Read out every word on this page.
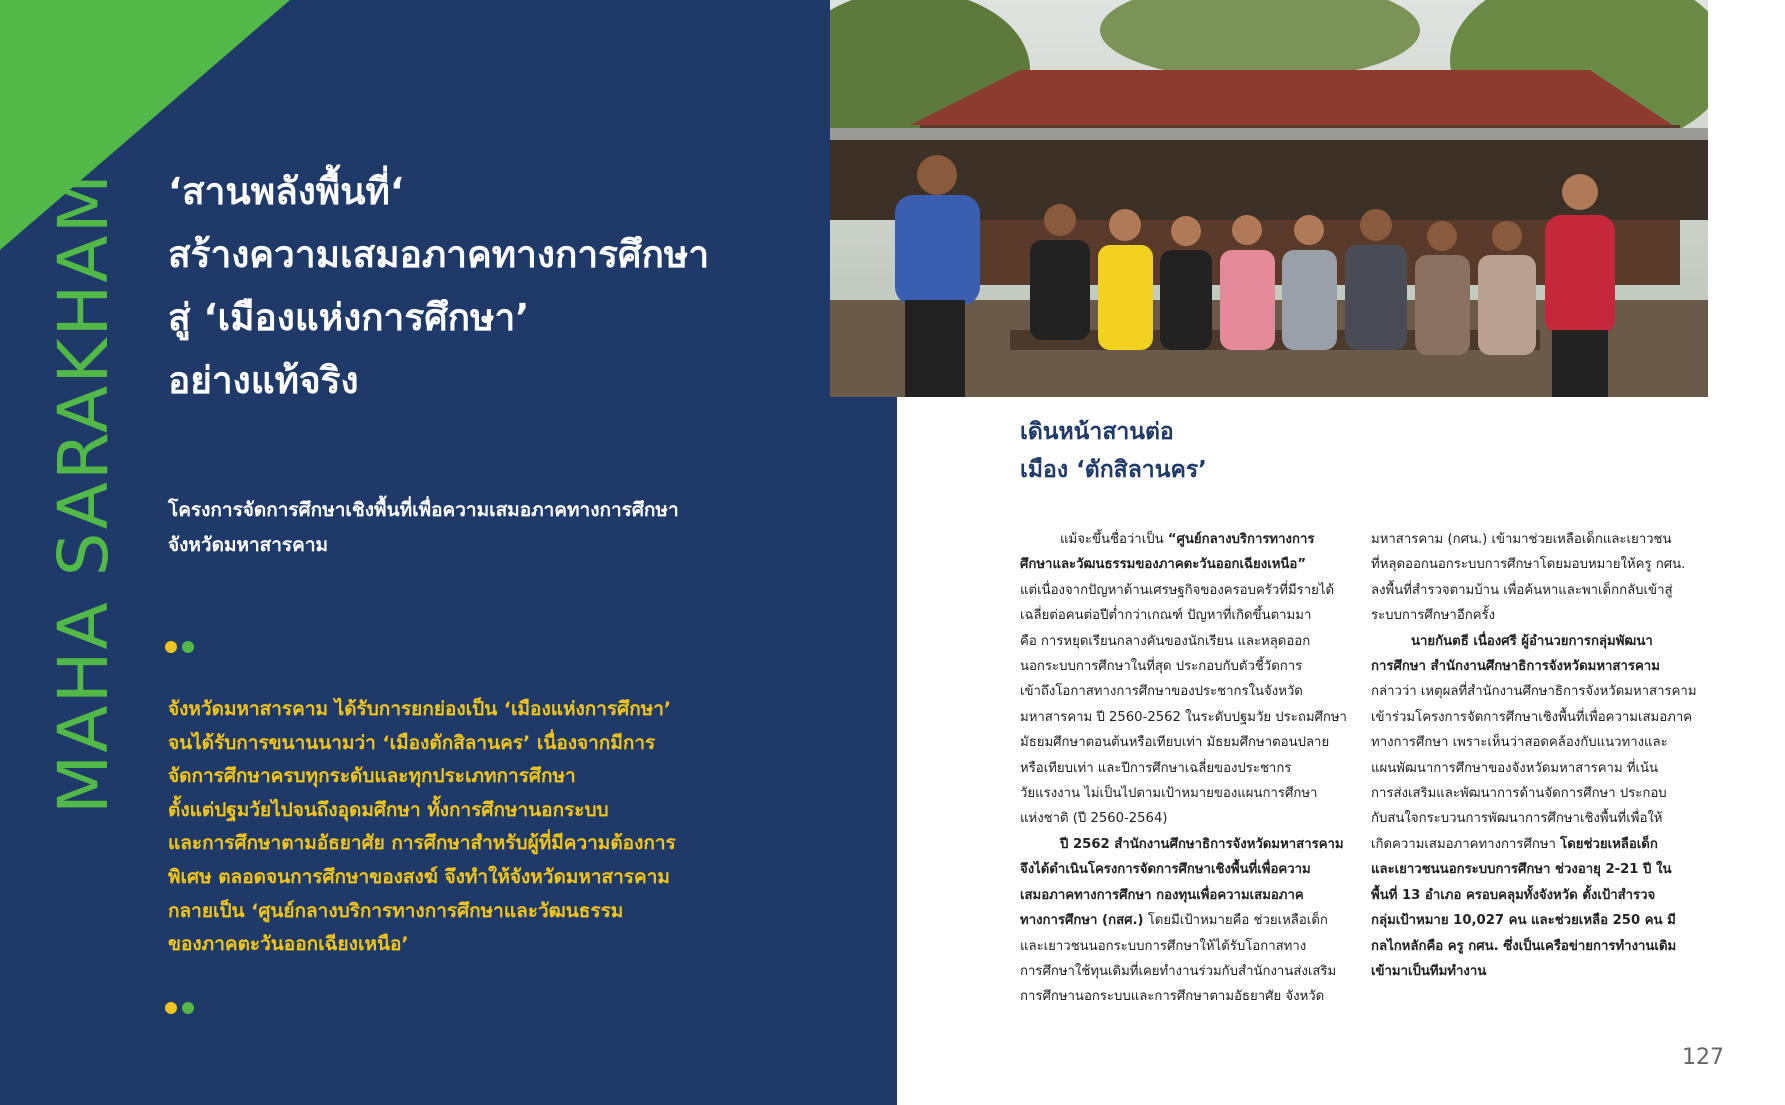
MAHA SARAKHAM ‘สานพลังพื้นที่‘
สร้างความเสมอภาคทางการศึกษา
สู่ ‘เมืองแห่งการศึกษา’
อย่างแท้จริง
โครงการจัดการศึกษาเชิงพื้นที่เพื่อความเสมอภาคทางการศึกษา
จังหวัดมหาสารคาม
จังหวัดมหาสารคาม ได้รับการยกย่องเป็น ‘เมืองแห่งการศึกษา’
จนได้รับการขนานนามว่า ‘เมืองตักสิลานคร’ เนื่องจากมีการ
จัดการศึกษาครบทุกระดับและทุกประเภทการศึกษา
ตั้งแต่ปฐมวัยไปจนถึงอุดมศึกษา ทั้งการศึกษานอกระบบ
และการศึกษาตามอัธยาศัย การศึกษาสำหรับผู้ที่มีความต้องการ
พิเศษ ตลอดจนการศึกษาของสงฆ์ จึงทำให้จังหวัดมหาสารคาม
กลายเป็น ‘ศูนย์กลางบริการทางการศึกษาและวัฒนธรรม
ของภาคตะวันออกเฉียงเหนือ’
เดินหน้าสานต่อ
เมือง ‘ตักสิลานคร’
แม้จะขึ้นชื่อว่าเป็น “ศูนย์กลางบริการทางการ
ศึกษาและวัฒนธรรมของภาคตะวันออกเฉียงเหนือ”
แต่เนื่องจากปัญหาด้านเศรษฐกิจของครอบครัวที่มีรายได้
เฉลี่ยต่อคนต่อปีต่ำกว่าเกณฑ์ ปัญหาที่เกิดขึ้นตามมา
คือ การหยุดเรียนกลางคันของนักเรียน และหลุดออก
นอกระบบการศึกษาในที่สุด ประกอบกับตัวชี้วัดการ
เข้าถึงโอกาสทางการศึกษาของประชากรในจังหวัด
มหาสารคาม ปี 2560-2562 ในระดับปฐมวัย ประถมศึกษา
มัธยมศึกษาตอนต้นหรือเทียบเท่า มัธยมศึกษาตอนปลาย
หรือเทียบเท่า และปีการศึกษาเฉลี่ยของประชากร
วัยแรงงาน ไม่เป็นไปตามเป้าหมายของแผนการศึกษา
แห่งชาติ (ปี 2560-2564)
ปี 2562 สำนักงานศึกษาธิการจังหวัดมหาสารคาม
จึงได้ดำเนินโครงการจัดการศึกษาเชิงพื้นที่เพื่อความ
เสมอภาคทางการศึกษา กองทุนเพื่อความเสมอภาค
ทางการศึกษา (กสศ.) โดยมีเป้าหมายคือ ช่วยเหลือเด็ก
และเยาวชนนอกระบบการศึกษาให้ได้รับโอกาสทาง
การศึกษาใช้ทุนเดิมที่เคยทำงานร่วมกับสำนักงานส่งเสริม
การศึกษานอกระบบและการศึกษาตามอัธยาศัย จังหวัด
มหาสารคาม (กศน.) เข้ามาช่วยเหลือเด็กและเยาวชน
ที่หลุดออกนอกระบบการศึกษาโดยมอบหมายให้ครู กศน.
ลงพื้นที่สำรวจตามบ้าน เพื่อค้นหาและพาเด็กกลับเข้าสู่
ระบบการศึกษาอีกครั้ง
นายกันตธี เนื่องศรี ผู้อำนวยการกลุ่มพัฒนา
การศึกษา สำนักงานศึกษาธิการจังหวัดมหาสารคาม
กล่าวว่า เหตุผลที่สำนักงานศึกษาธิการจังหวัดมหาสารคาม
เข้าร่วมโครงการจัดการศึกษาเชิงพื้นที่เพื่อความเสมอภาค
ทางการศึกษา เพราะเห็นว่าสอดคล้องกับแนวทางและ
แผนพัฒนาการศึกษาของจังหวัดมหาสารคาม ที่เน้น
การส่งเสริมและพัฒนาการด้านจัดการศึกษา ประกอบ
กับสนใจกระบวนการพัฒนาการศึกษาเชิงพื้นที่เพื่อให้
เกิดความเสมอภาคทางการศึกษา โดยช่วยเหลือเด็ก
และเยาวชนนอกระบบการศึกษา ช่วงอายุ 2-21 ปี ใน
พื้นที่ 13 อำเภอ ครอบคลุมทั้งจังหวัด ตั้งเป้าสำรวจ
กลุ่มเป้าหมาย 10,027 คน และช่วยเหลือ 250 คน มี
กลไกหลักคือ ครู กศน. ซึ่งเป็นเครือข่ายการทำงานเดิม
เข้ามาเป็นทีมทำงาน
127
